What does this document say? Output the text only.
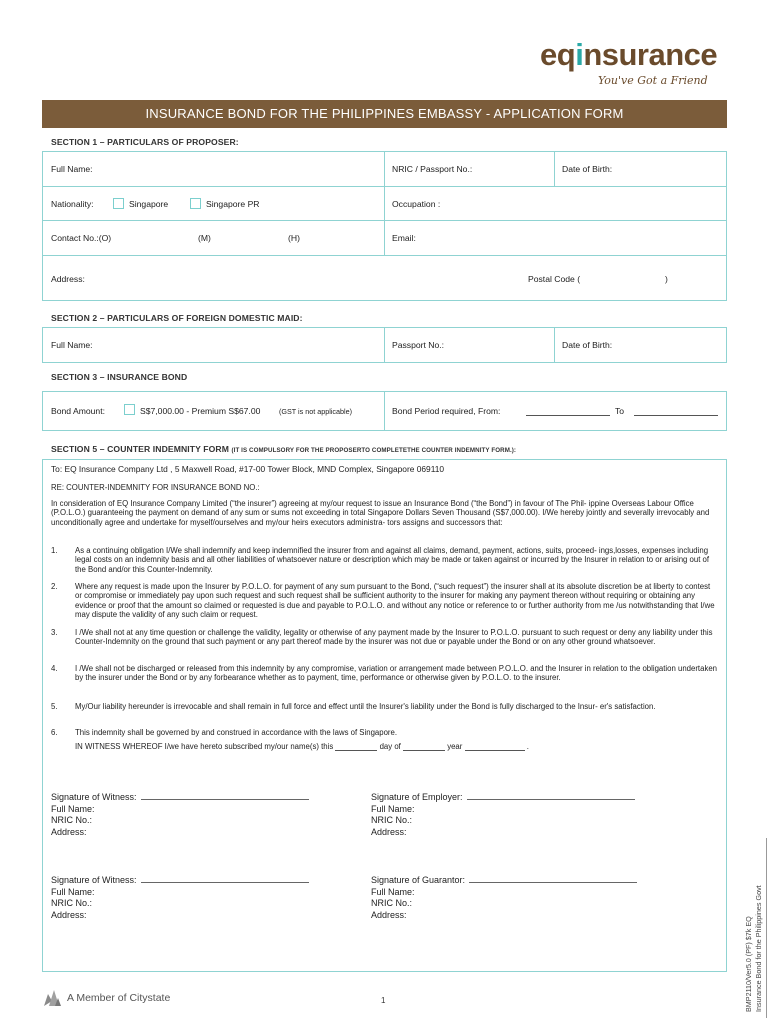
eqinsurance
You've Got a Friend
INSURANCE BOND FOR THE PHILIPPINES EMBASSY - APPLICATION FORM
SECTION 1 – PARTICULARS OF PROPOSER:
Full Name:	NRIC / Passport No.:	Date of Birth:
Nationality:	Singapore	Singapore PR	Occupation :
Contact No.:(O)	(M)	(H)	Email:
Address:	Postal Code (	)
SECTION 2 – PARTICULARS OF FOREIGN DOMESTIC MAID:
Full Name:	Passport No.:	Date of Birth:
SECTION 3 – INSURANCE BOND
Bond Amount:	S$7,000.00 - Premium S$67.00	(GST is not applicable)	Bond Period required, From:	To
SECTION 5 – COUNTER INDEMNITY FORM (IT IS COMPULSORY FOR THE PROPOSERTO COMPLETETHE COUNTER INDEMNITY FORM.):
To: EQ Insurance Company Ltd , 5 Maxwell Road, #17-00 Tower Block, MND Complex, Singapore 069110
RE: COUNTER-INDEMNITY FOR INSURANCE BOND NO.:
In consideration of EQ Insurance Company Limited (“the insurer”) agreeing at my/our request to issue an Insurance Bond (“the Bond”) in favour of The Phil- ippine Overseas Labour Office (P.O.L.O.) guaranteeing the payment on demand of any sum or sums not exceeding in total Singapore Dollars Seven Thousand (S$7,000.00). I/We hereby jointly and severally irrevocably and unconditionally agree and undertake for myself/ourselves and my/our heirs executors administra- tors assigns and successors that:
1. As a continuing obligation I/We shall indemnify and keep indemnified the insurer from and against all claims, demand, payment, actions, suits, proceed- ings,losses, expenses including legal costs on an indemnity basis and all other liabilities of whatsoever nature or description which may be made or taken against or incurred by the Insurer in relation to or arising out of the Bond and/or this Counter-Indemnity.
2. Where any request is made upon the Insurer by P.O.L.O. for payment of any sum pursuant to the Bond, (“such request”) the insurer shall at its absolute discretion be at liberty to contest or compromise or immediately pay upon such request and such request shall be sufficient authority to the insurer for making any payment thereon without requiring or obtaining any evidence or proof that the amount so claimed or requested is due and payable to P.O.L.O. and without any notice or reference to or further authority from me /us notwithstanding that I/we may dispute the validity of any such claim or request.
3. I /We shall not at any time question or challenge the validity, legality or otherwise of any payment made by the Insurer to P.O.L.O. pursuant to such request or deny any liability under this Counter-Indemnity on the ground that such payment or any part thereof made by the insurer was not due or payable under the Bond or on any other ground whatsoever.
4. I /We shall not be discharged or released from this indemnity by any compromise, variation or arrangement made between P.O.L.O. and the Insurer in relation to the obligation undertaken by the insurer under the Bond or by any forbearance whether as to payment, time, performance or otherwise given by P.O.L.O. to the insurer.
5. My/Our liability hereunder is irrevocable and shall remain in full force and effect until the Insurer's liability under the Bond is fully discharged to the Insur- er's satisfaction.
6. This indemnity shall be governed by and construed in accordance with the laws of Singapore.
IN WITNESS WHEREOF I/we have hereto subscribed my/our name(s) this	day of	year	.
Signature of Witness:
Full Name:
NRIC No.:
Address:
Signature of Employer:
Full Name:
NRIC No.:
Address:
Signature of Witness:
Full Name:
NRIC No.:
Address:
Signature of Guarantor:
Full Name:
NRIC No.:
Address:
BMP2110/Ver5.0 (PF) $7k EQ Insurance Bond for the Philippines Govt
A Member of Citystate	1
